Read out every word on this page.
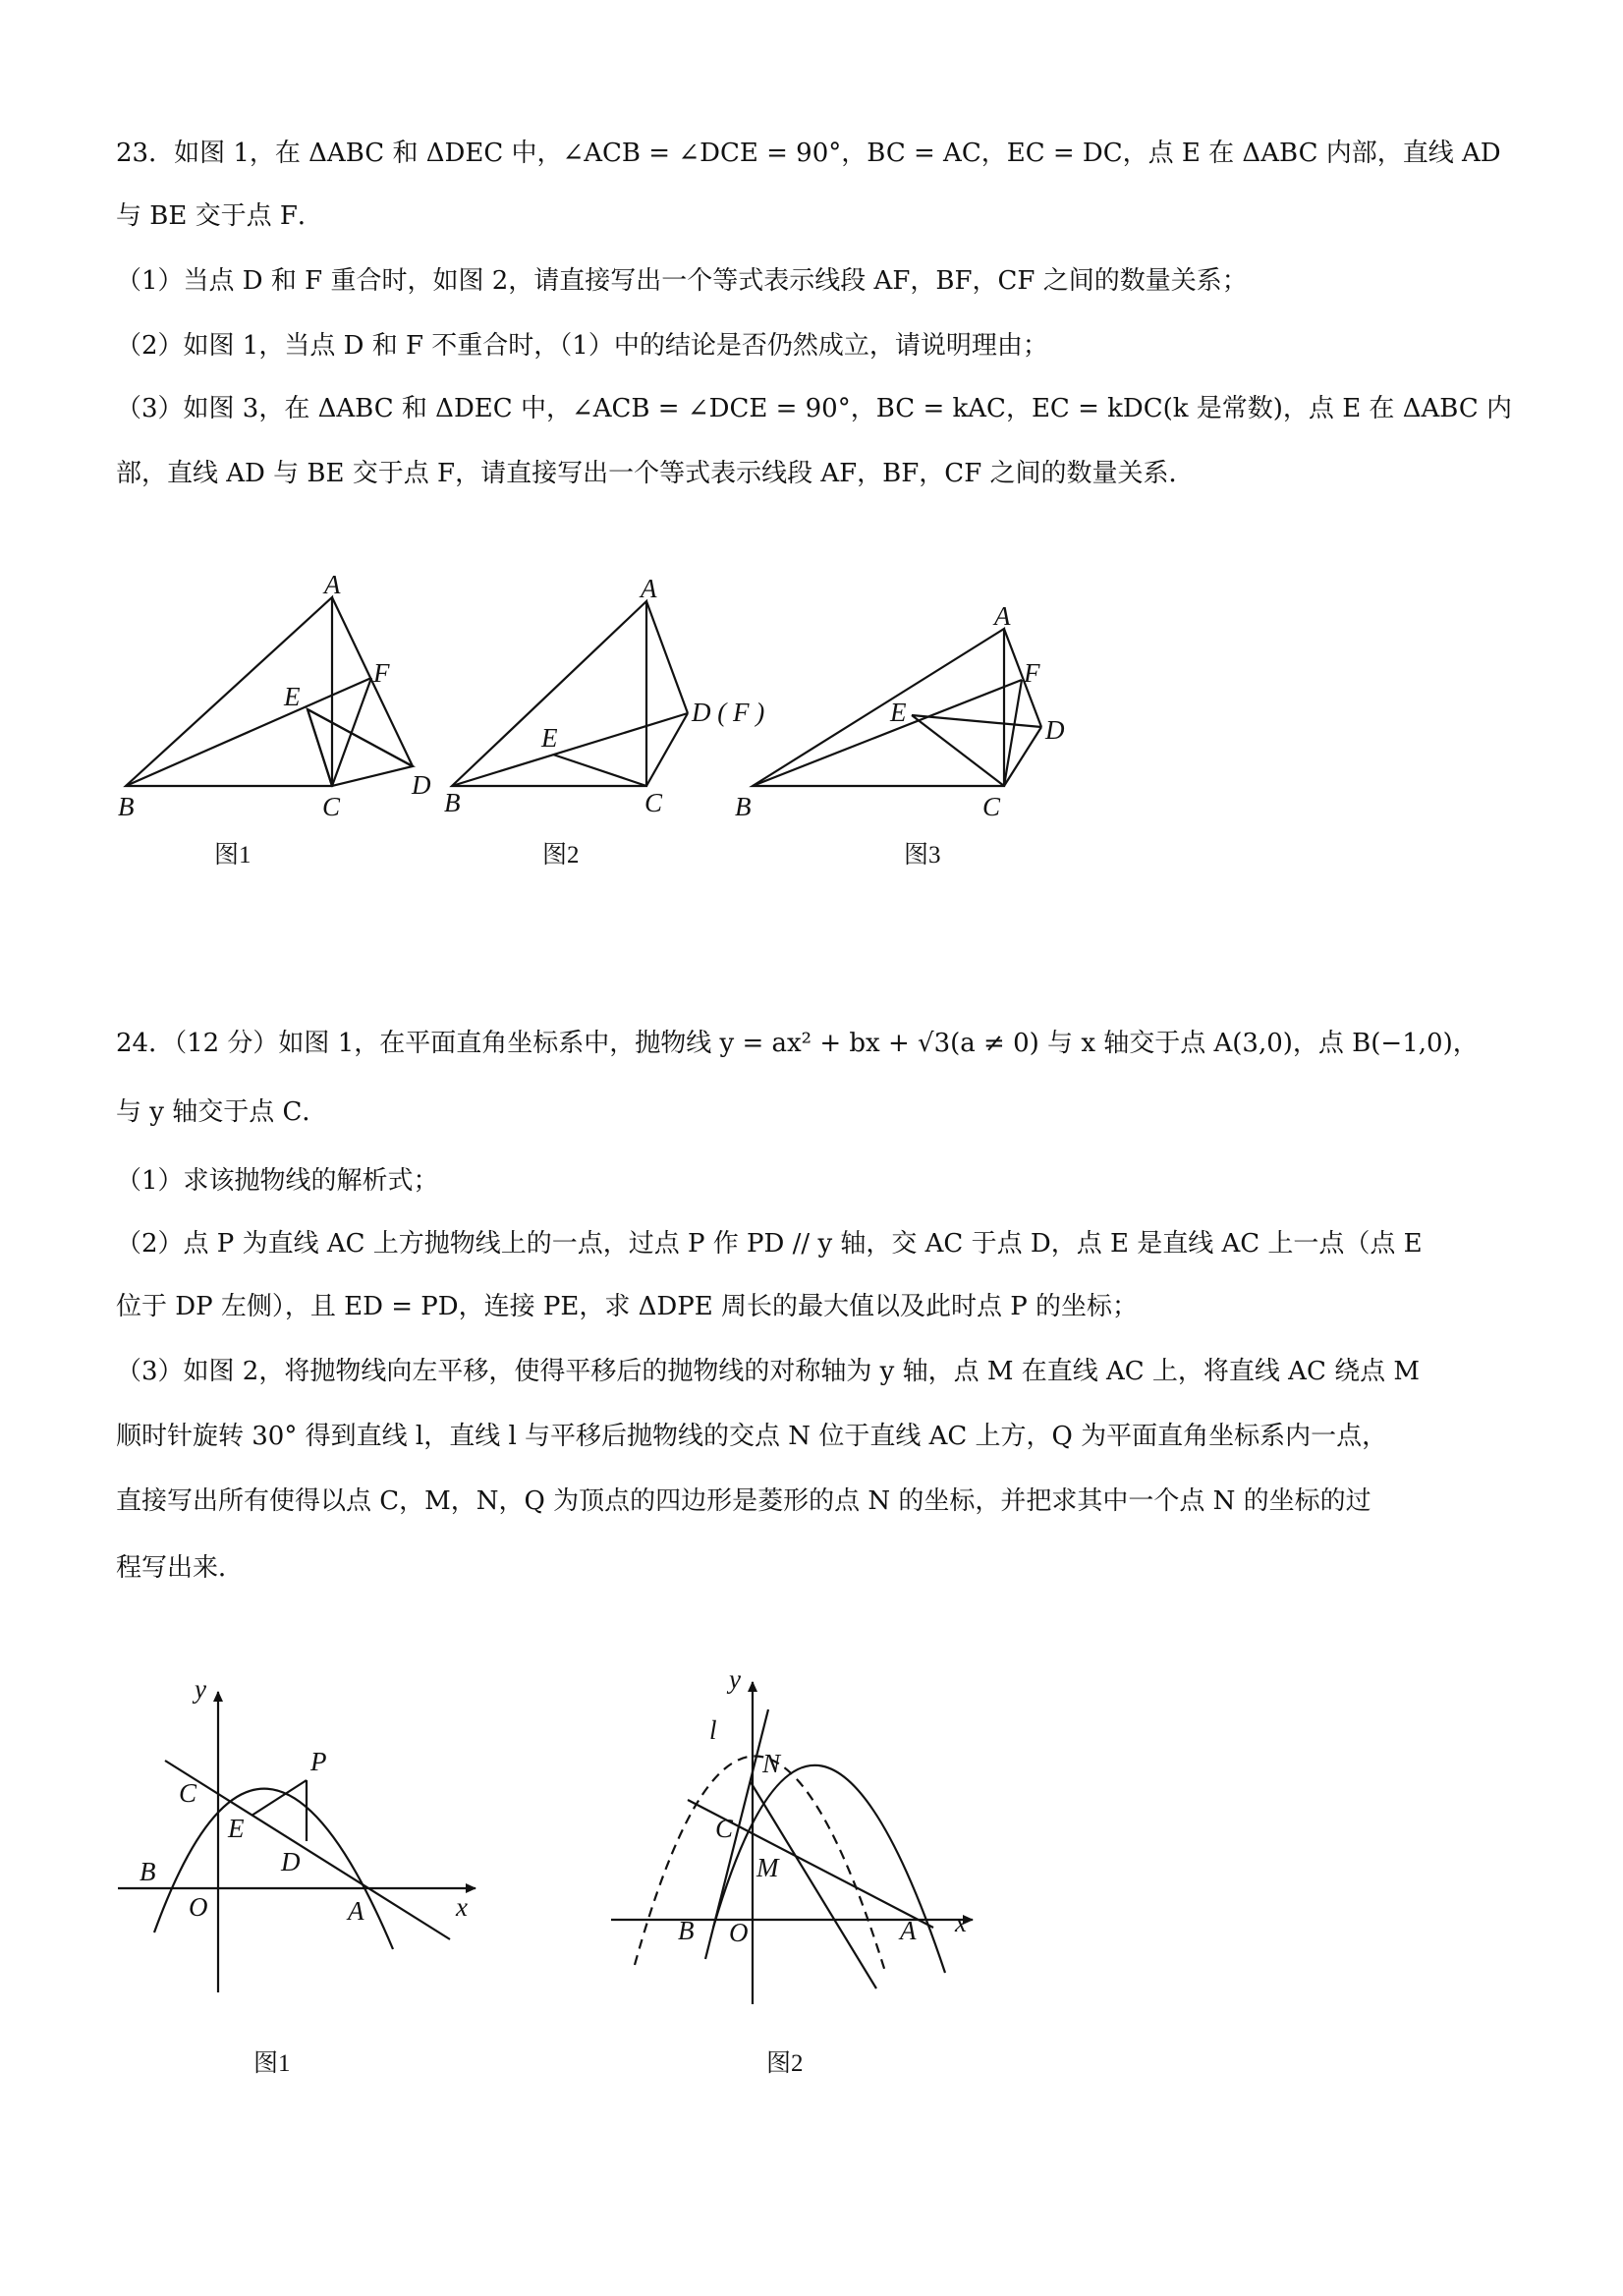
23．如图 1，在 ΔABC 和 ΔDEC 中，∠ACB = ∠DCE = 90°，BC = AC，EC = DC，点 E 在 ΔABC 内部，直线 AD
与 BE 交于点 F．
（1）当点 D 和 F 重合时，如图 2，请直接写出一个等式表示线段 AF，BF，CF 之间的数量关系；
（2）如图 1，当点 D 和 F 不重合时，（1）中的结论是否仍然成立，请说明理由；
（3）如图 3，在 ΔABC 和 ΔDEC 中，∠ACB = ∠DCE = 90°，BC = kAC，EC = kDC(k 是常数)，点 E 在 ΔABC 内
部，直线 AD 与 BE 交于点 F，请直接写出一个等式表示线段 AF，BF，CF 之间的数量关系．
24．（12 分）如图 1，在平面直角坐标系中，抛物线 y = ax² + bx + √3(a ≠ 0) 与 x 轴交于点 A(3,0)，点 B(−1,0)，
与 y 轴交于点 C．
（1）求该抛物线的解析式；
（2）点 P 为直线 AC 上方抛物线上的一点，过点 P 作 PD // y 轴，交 AC 于点 D，点 E 是直线 AC 上一点（点 E
位于 DP 左侧），且 ED = PD，连接 PE，求 ΔDPE 周长的最大值以及此时点 P 的坐标；
（3）如图 2，将抛物线向左平移，使得平移后的抛物线的对称轴为 y 轴，点 M 在直线 AC 上，将直线 AC 绕点 M
顺时针旋转 30° 得到直线 l，直线 l 与平移后抛物线的交点 N 位于直线 AC 上方，Q 为平面直角坐标系内一点，
直接写出所有使得以点 C，M，N，Q 为顶点的四边形是菱形的点 N 的坐标，并把求其中一个点 N 的坐标的过
程写出来．
A
B	C
D
E
F
图1
A
B	C
E
D ( F )
图2
A
B	C
D
E
F
图3
y
x
O	A
B
C
D
E
P
图1
y
x
O	A
B
C
M
N
l
图2
